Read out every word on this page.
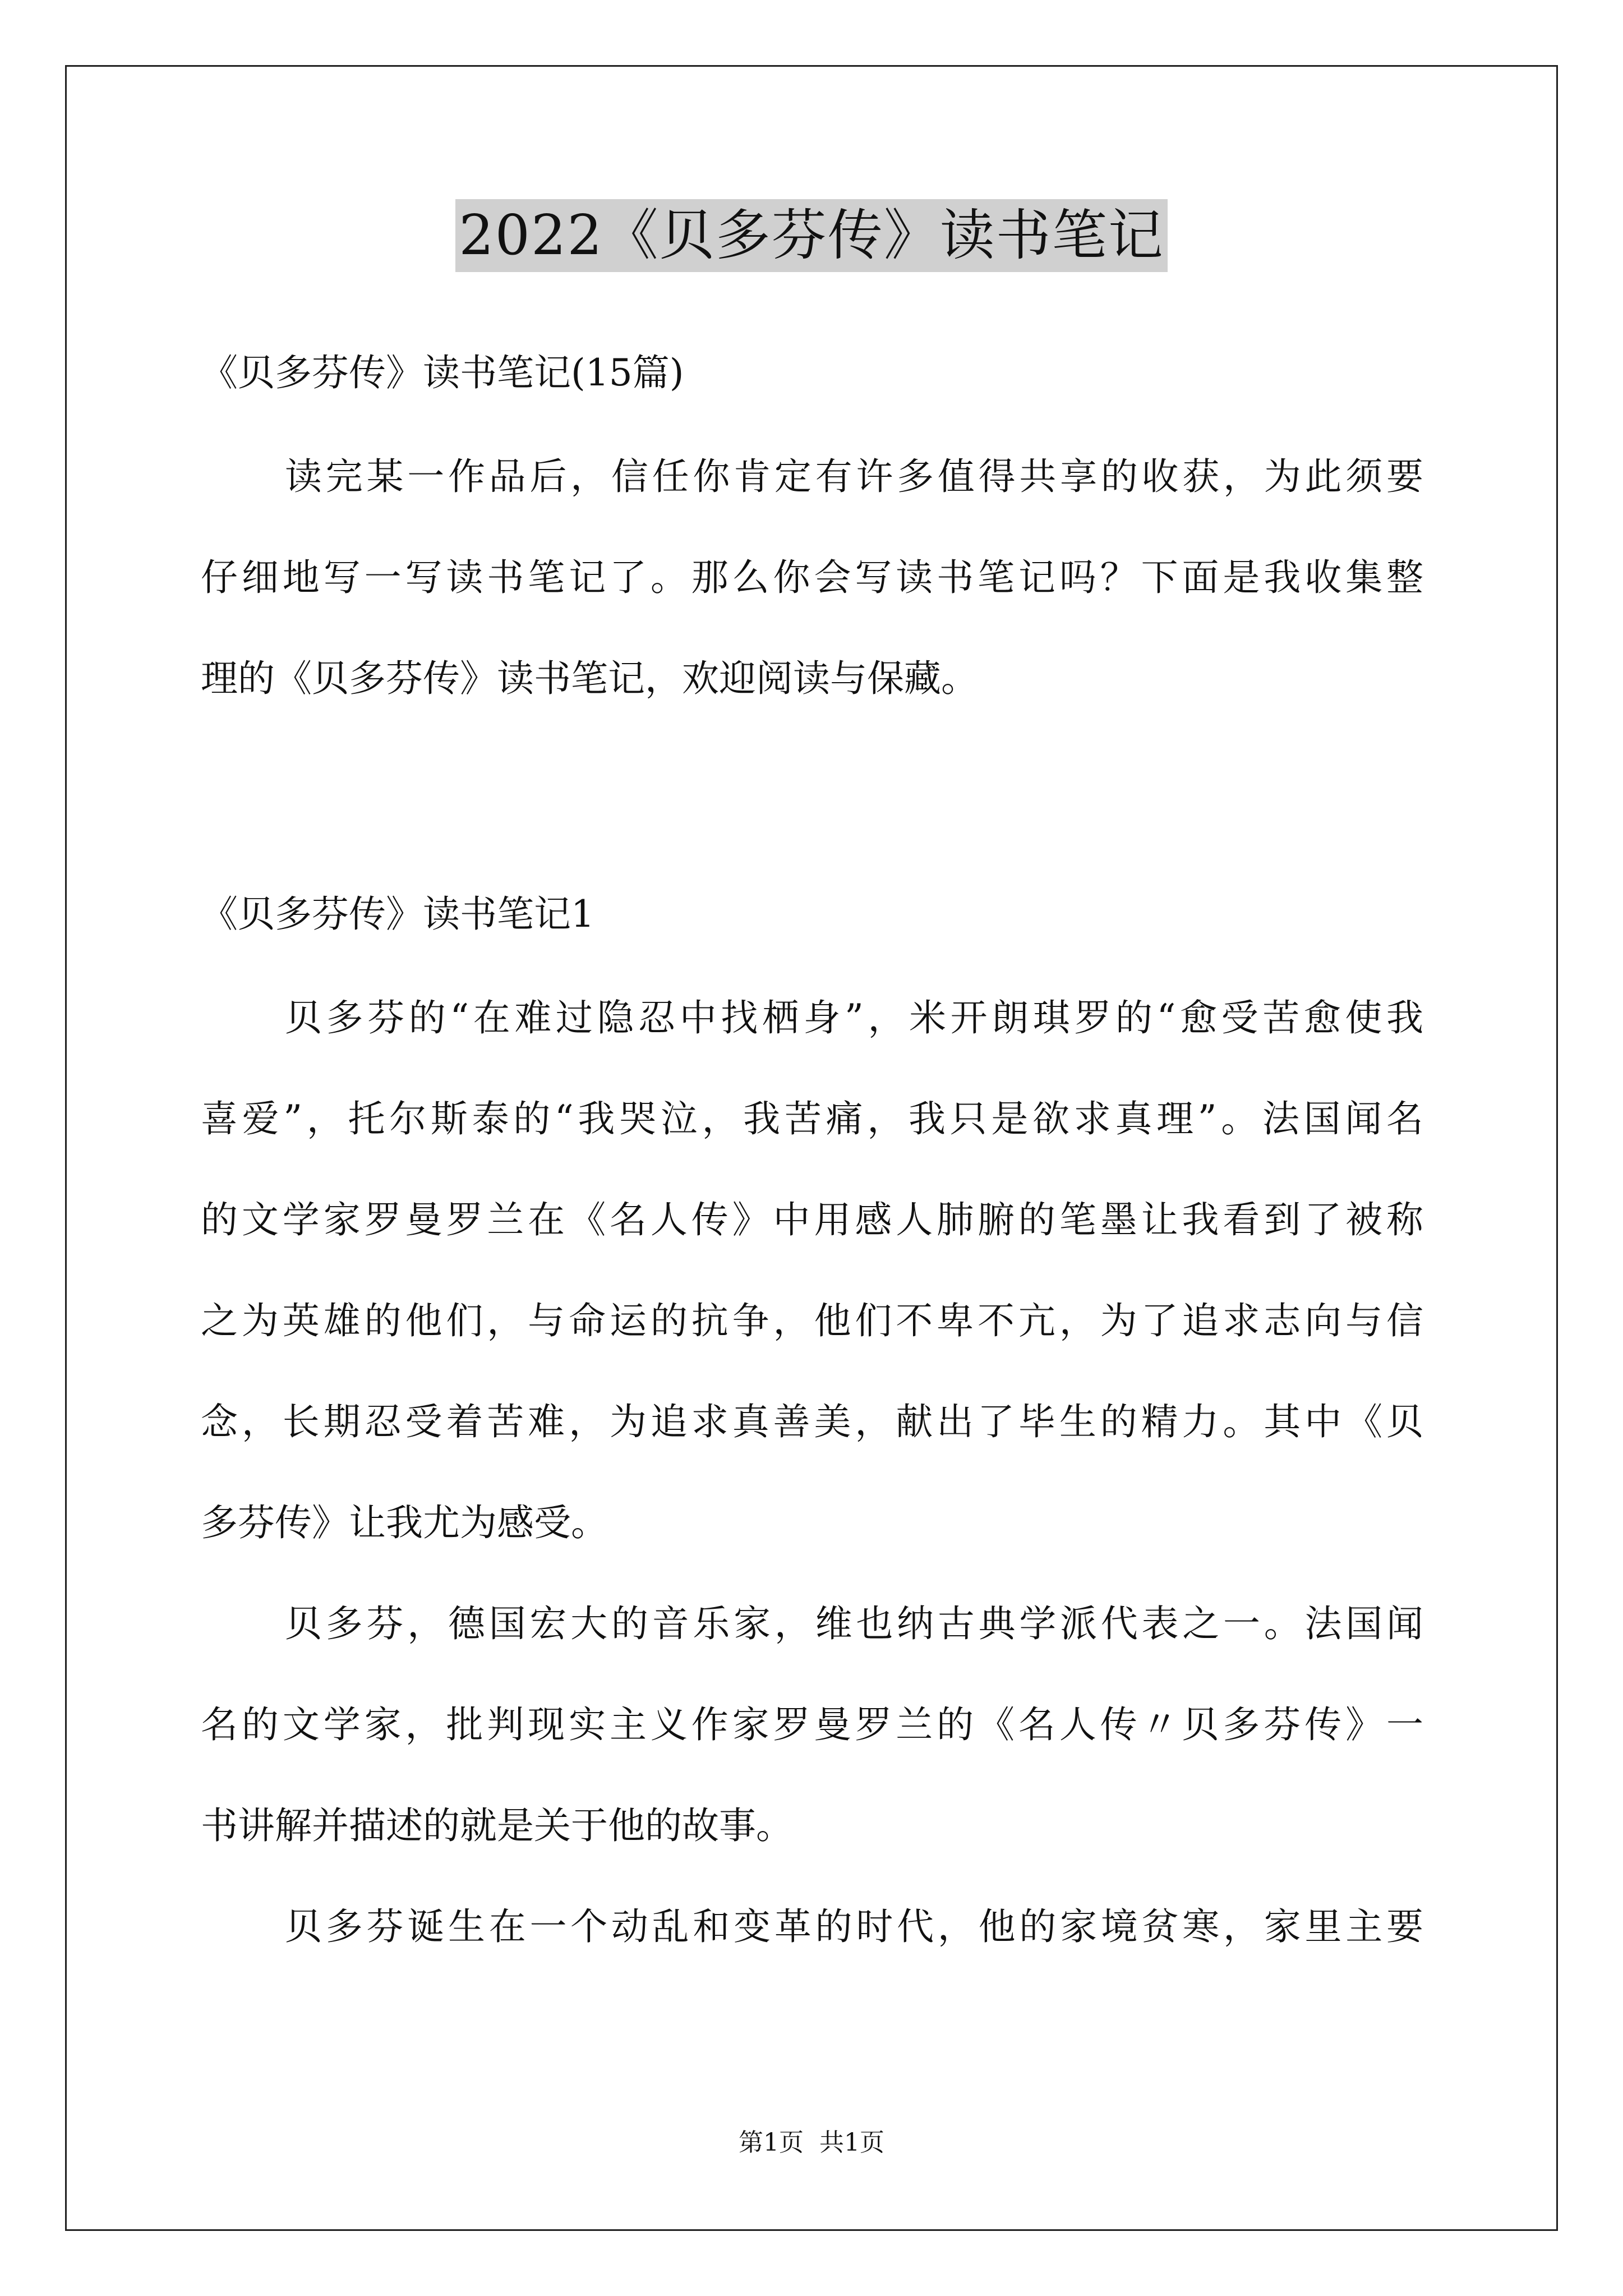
2022《贝多芬传》读书笔记
《贝多芬传》读书笔记(15篇)
读完某一作品后，信任你肯定有许多值得共享的收获，为此须要
仔细地写一写读书笔记了。那么你会写读书笔记吗？下面是我收集整
理的《贝多芬传》读书笔记，欢迎阅读与保藏。
《贝多芬传》读书笔记1
贝多芬的“在难过隐忍中找栖身”，米开朗琪罗的“愈受苦愈使我
喜爱”，托尔斯泰的“我哭泣，我苦痛，我只是欲求真理”。法国闻名
的文学家罗曼罗兰在《名人传》中用感人肺腑的笔墨让我看到了被称
之为英雄的他们，与命运的抗争，他们不卑不亢，为了追求志向与信
念，长期忍受着苦难，为追求真善美，献出了毕生的精力。其中《贝
多芬传》让我尤为感受。
贝多芬，德国宏大的音乐家，维也纳古典学派代表之一。法国闻
名的文学家，批判现实主义作家罗曼罗兰的《名人传〃贝多芬传》一
书讲解并描述的就是关于他的故事。
贝多芬诞生在一个动乱和变革的时代，他的家境贫寒，家里主要
第1页 共1页
